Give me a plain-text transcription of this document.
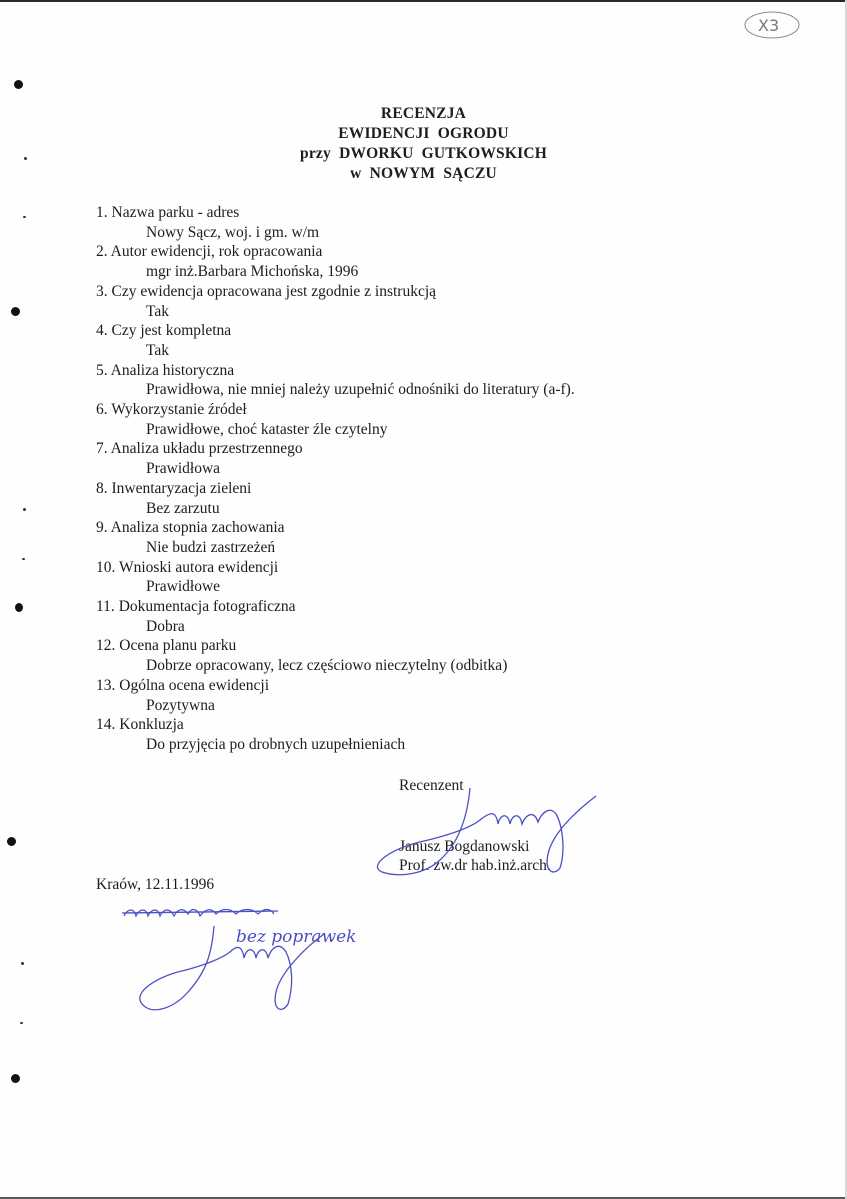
X3
RECENZJA
EWIDENCJI  OGRODU
przy  DWORKU  GUTKOWSKICH
w  NOWYM  SĄCZU
1. Nazwa parku - adres
Nowy Sącz, woj. i gm. w/m
2. Autor ewidencji, rok opracowania
mgr inż.Barbara Michońska, 1996
3. Czy ewidencja opracowana jest zgodnie z instrukcją
Tak
4. Czy jest kompletna
Tak
5. Analiza historyczna
Prawidłowa, nie mniej należy uzupełnić odnośniki do literatury (a-f).
6. Wykorzystanie źródeł
Prawidłowe, choć kataster źle czytelny
7. Analiza układu przestrzennego
Prawidłowa
8. Inwentaryzacja zieleni
Bez zarzutu
9. Analiza stopnia zachowania
Nie budzi zastrzeżeń
10. Wnioski autora ewidencji
Prawidłowe
11. Dokumentacja fotograficzna
Dobra
12. Ocena planu parku
Dobrze opracowany, lecz częściowo nieczytelny (odbitka)
13. Ogólna ocena ewidencji
Pozytywna
14. Konkluzja
Do przyjęcia po drobnych uzupełnieniach
Recenzent
Janusz Bogdanowski
Prof. zw.dr hab.inż.arch.
Kraów, 12.11.1996
bez poprawek
